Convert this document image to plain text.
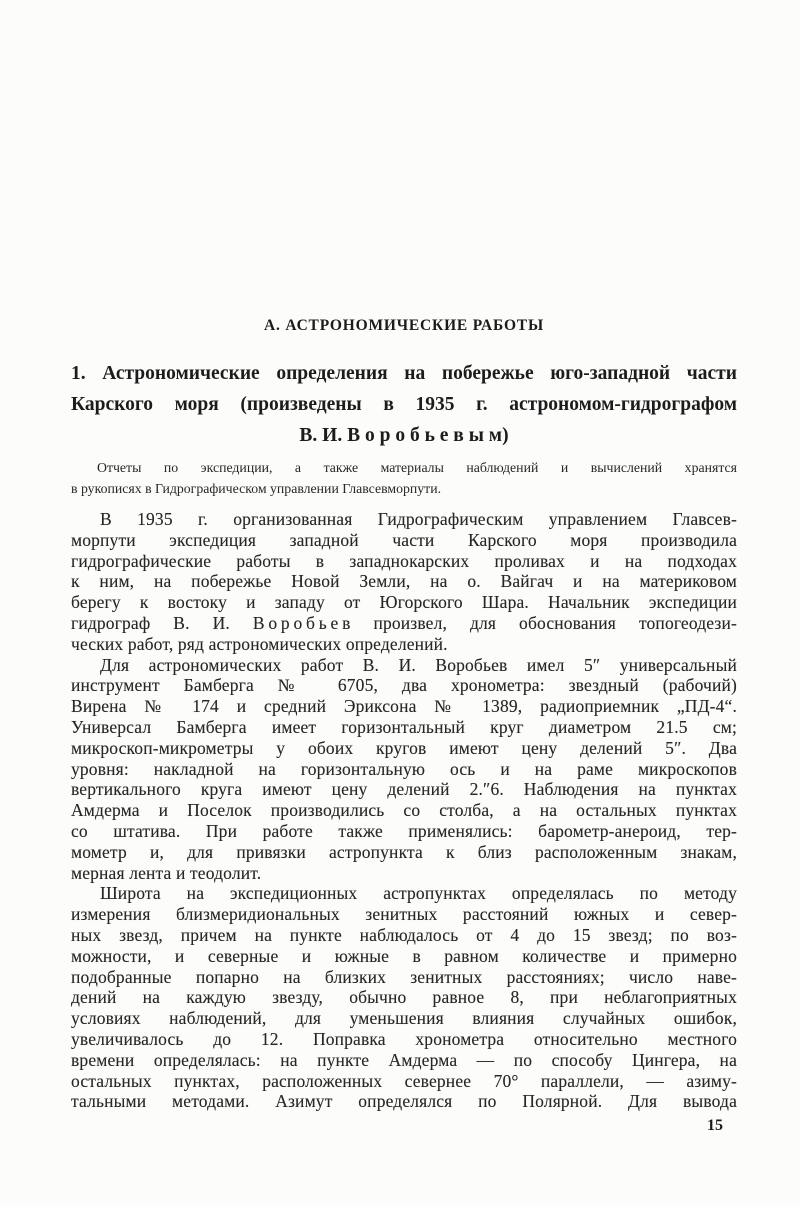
А. АСТРОНОМИЧЕСКИЕ РАБОТЫ
1. Астрономические определения на побережье юго-западной части
Карского моря (произведены в 1935 г. астрономом-гидрографом
В. И. В о р о б ь е в ы м)
Отчеты по экспедиции, а также материалы наблюдений и вычислений хранятся
в рукописях в Гидрографическом управлении Главсевморпути.
В 1935 г. организованная Гидрографическим управлением Главсев-
морпути экспедиция западной части Карского моря производила
гидрографические работы в западнокарских проливах и на подходах
к ним, на побережье Новой Земли, на о. Вайгач и на материковом
берегу к востоку и западу от Югорского Шара. Начальник экспедиции
гидрограф В. И. В о р о б ь е в произвел, для обоснования топогеодези-
ческих работ, ряд астрономических определений.
Для астрономических работ В. И. Воробьев имел 5″ универсальный
инструмент Бамберга № 6705, два хронометра: звездный (рабочий)
Вирена № 174 и средний Эриксона № 1389, радиоприемник „ПД-4“.
Универсал Бамберга имеет горизонтальный круг диаметром 21.5 см;
микроскоп-микрометры у обоих кругов имеют цену делений 5″. Два
уровня: накладной на горизонтальную ось и на раме микроскопов
вертикального круга имеют цену делений 2.″6. Наблюдения на пунктах
Амдерма и Поселок производились со столба, а на остальных пунктах
со штатива. При работе также применялись: барометр-анероид, тер-
мометр и, для привязки астропункта к близ расположенным знакам,
мерная лента и теодолит.
Широта на экспедиционных астропунктах определялась по методу
измерения близмеридиональных зенитных расстояний южных и север-
ных звезд, причем на пункте наблюдалось от 4 до 15 звезд; по воз-
можности, и северные и южные в равном количестве и примерно
подобранные попарно на близких зенитных расстояниях; число наве-
дений на каждую звезду, обычно равное 8, при неблагоприятных
условиях наблюдений, для уменьшения влияния случайных ошибок,
увеличивалось до 12. Поправка хронометра относительно местного
времени определялась: на пункте Амдерма — по способу Цингера, на
остальных пунктах, расположенных севернее 70° параллели, — азиму-
тальными методами. Азимут определялся по Полярной. Для вывода
15
